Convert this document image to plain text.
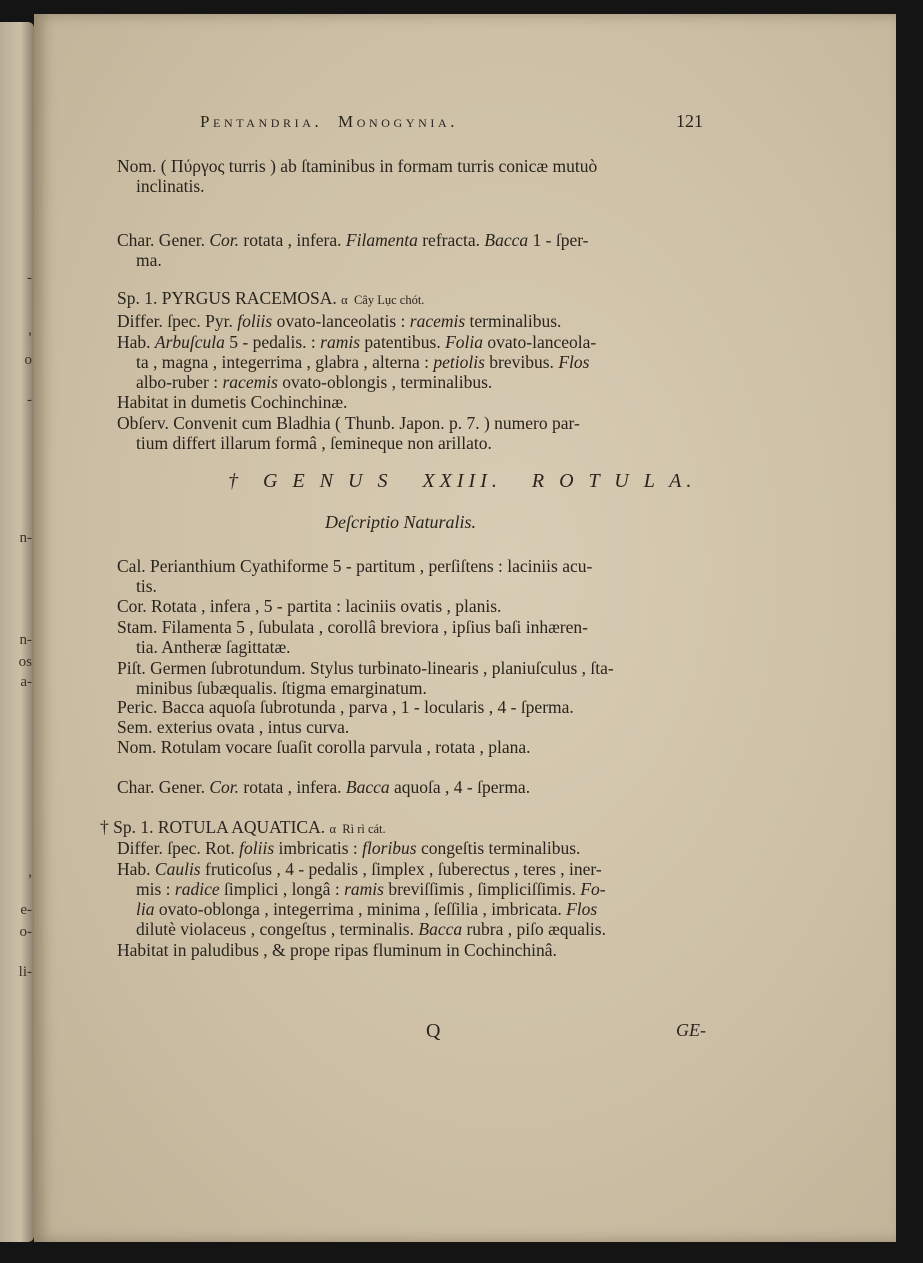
-
,
o
-
n-
n-
os
a-
,
e-
o-
li-
Pentandria.  Monogynia.	121
Nom. ( Πύργος turris ) ab ſtaminibus in formam turris conicæ mutuò
inclinatis.
Char. Gener. Cor. rotata , infera. Filamenta refracta. Bacca 1 - ſper-
ma.
Sp. 1. PYRGUS RACEMOSA. α  Cây Lục chót.
Differ. ſpec. Pyr. foliis ovato-lanceolatis : racemis terminalibus.
Hab. Arbuſcula 5 - pedalis. : ramis patentibus. Folia ovato-lanceola-
ta , magna , integerrima , glabra , alterna : petiolis brevibus. Flos
albo-ruber : racemis ovato-oblongis , terminalibus.
Habitat in dumetis Cochinchinæ.
Obſerv. Convenit cum Bladhia ( Thunb. Japon. p. 7. ) numero par-
tium differt illarum formâ , ſemineque non arillato.
†  G E N U S   XXIII.   R O T U L A.
Deſcriptio Naturalis.
Cal. Perianthium Cyathiforme 5 - partitum , perſiſtens : laciniis acu-
tis.
Cor. Rotata , infera , 5 - partita : laciniis ovatis , planis.
Stam. Filamenta 5 , ſubulata , corollâ breviora , ipſius baſi inhæren-
tia. Antheræ ſagittatæ.
Piſt. Germen ſubrotundum. Stylus turbinato-linearis , planiuſculus , ſta-
minibus ſubæqualis. ſtigma emarginatum.
Peric. Bacca aquoſa ſubrotunda , parva , 1 - locularis , 4 - ſperma.
Sem. exterius ovata , intus curva.
Nom. Rotulam vocare ſuaſit corolla parvula , rotata , plana.
Char. Gener. Cor. rotata , infera. Bacca aquoſa , 4 - ſperma.
† Sp. 1. ROTULA AQUATICA. α  Rì rì cát.
Differ. ſpec. Rot. foliis imbricatis : floribus congeſtis terminalibus.
Hab. Caulis fruticoſus , 4 - pedalis , ſimplex , ſuberectus , teres , iner-
mis : radice ſimplici , longâ : ramis breviſſimis , ſimpliciſſimis. Fo-
lia ovato-oblonga , integerrima , minima , ſeſſilia , imbricata. Flos
dilutè violaceus , congeſtus , terminalis. Bacca rubra , piſo æqualis.
Habitat in paludibus , & prope ripas fluminum in Cochinchinâ.
Q	GE-
